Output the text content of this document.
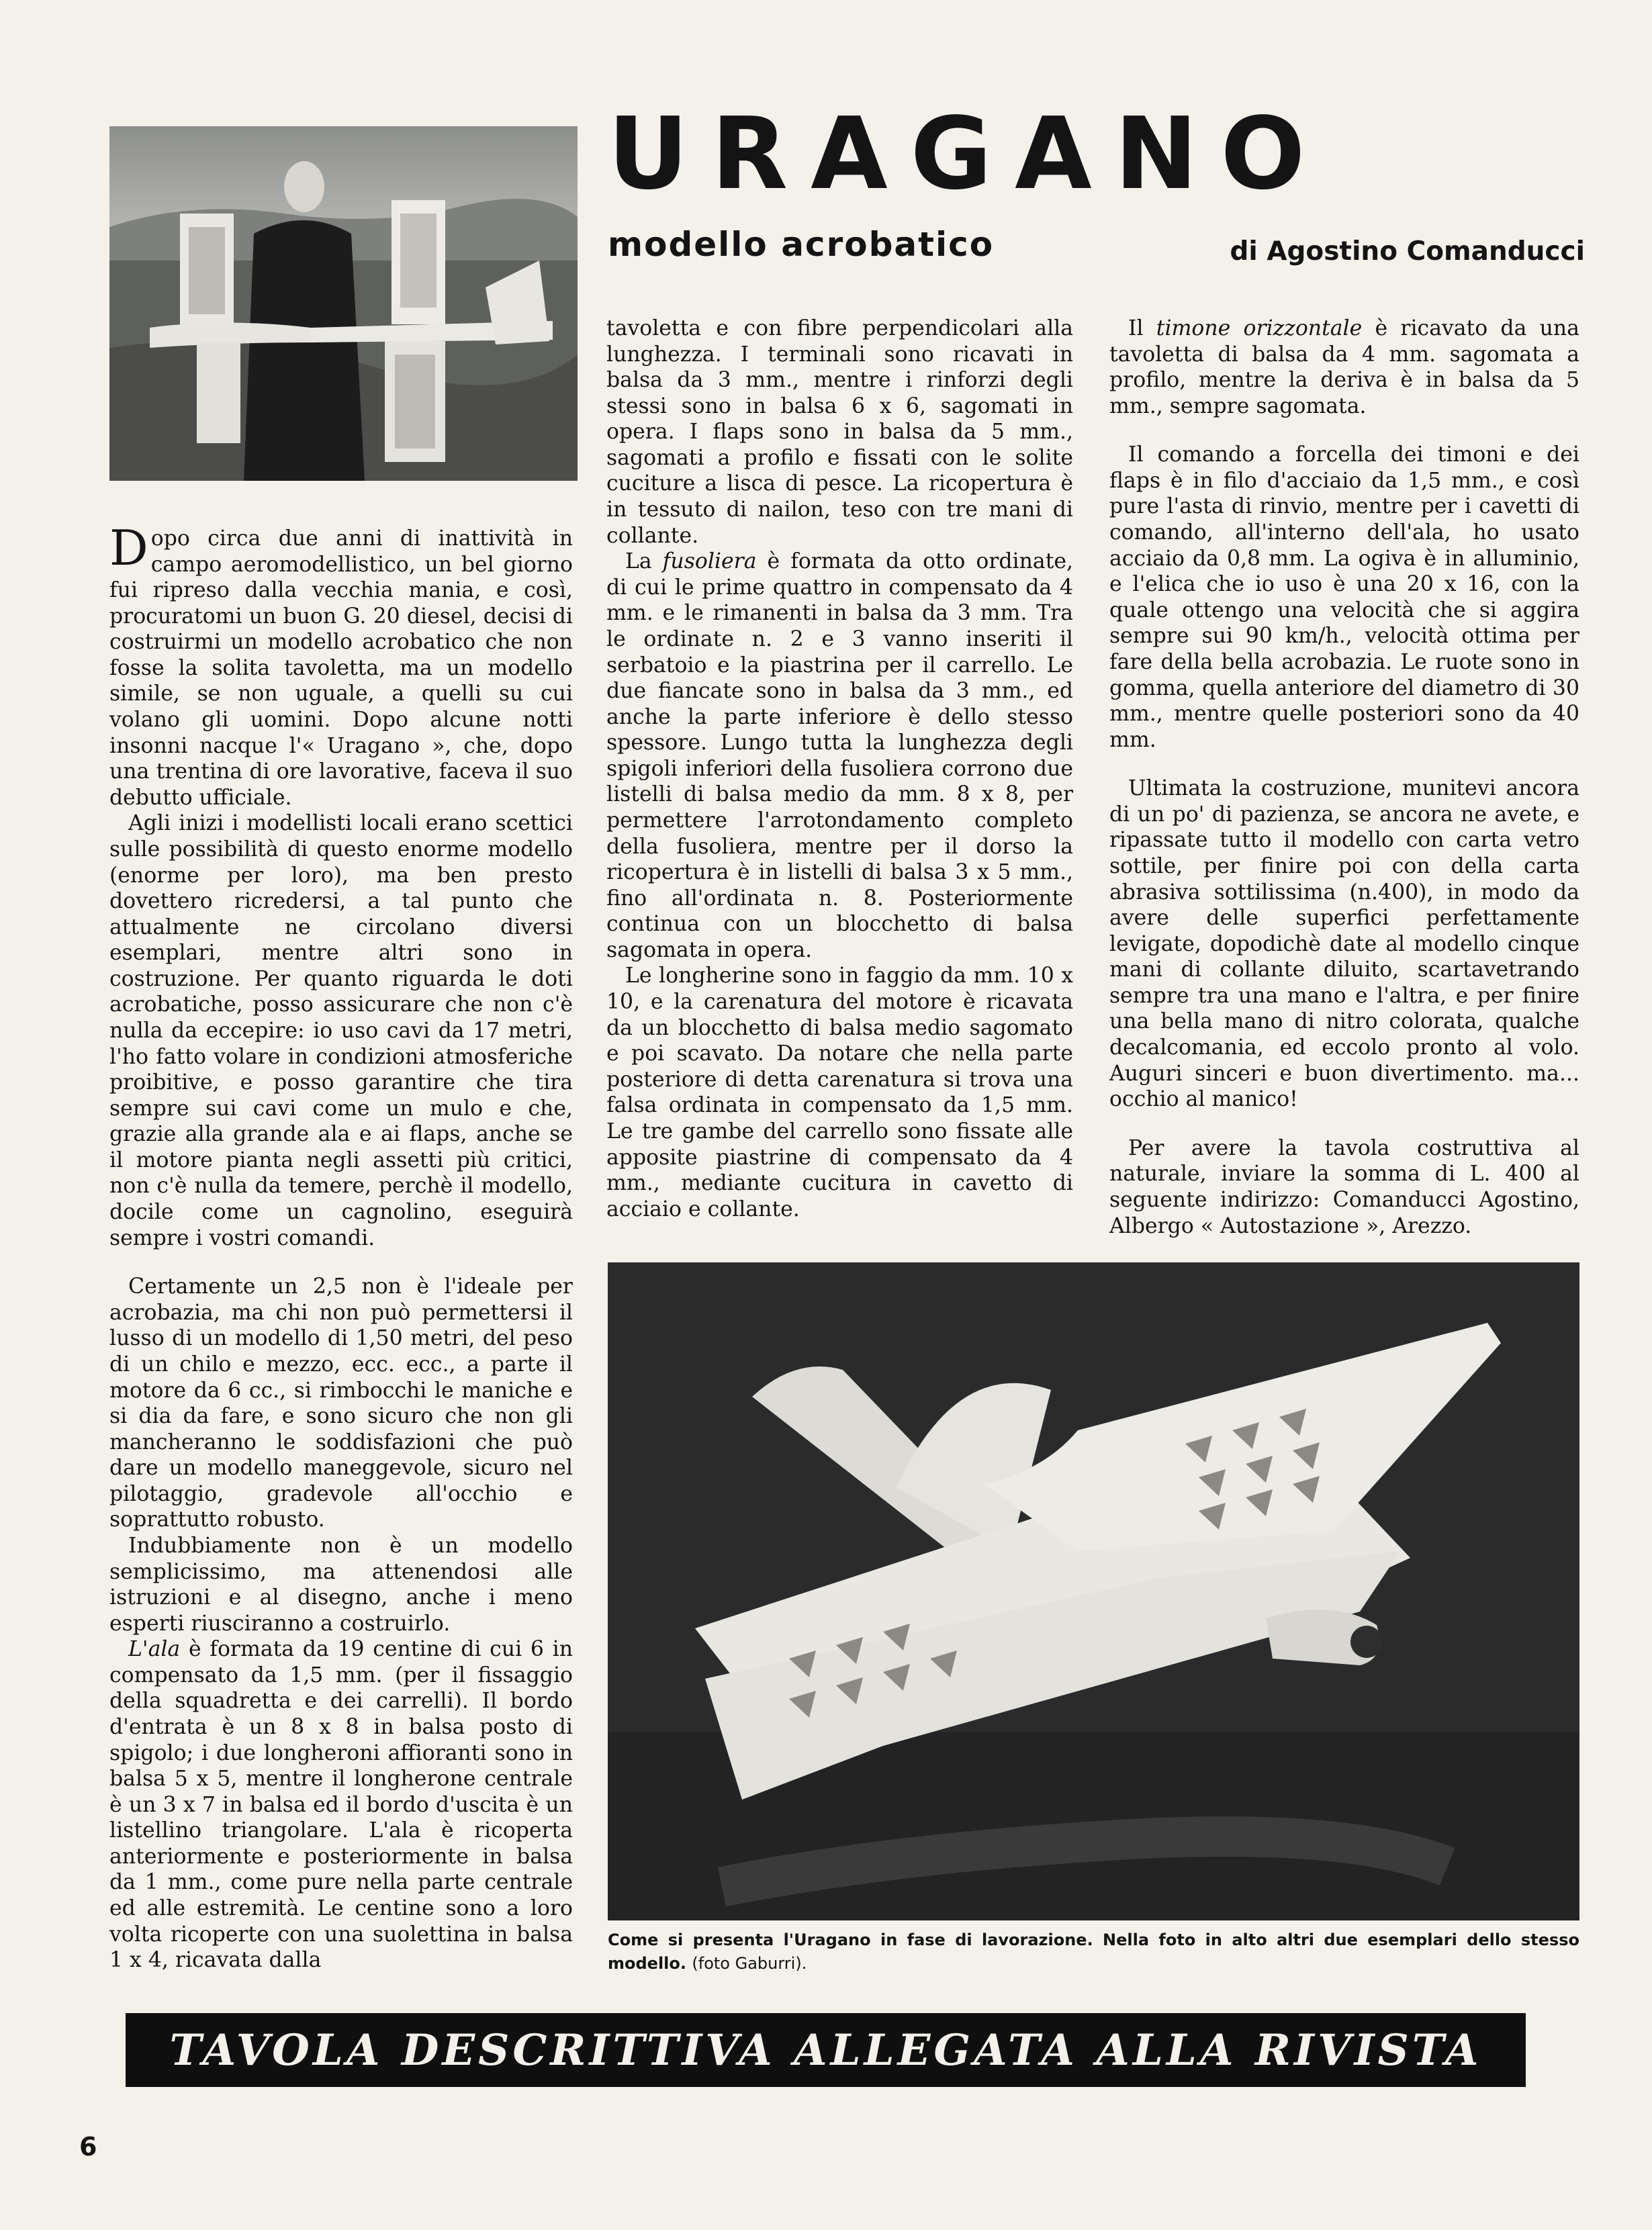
URAGANO
modello acrobatico	di Agostino Comanducci

Dopo circa due anni di inattività in campo aeromodellistico, un bel giorno fui ripreso dalla vecchia mania, e così, procuratomi un buon G. 20 diesel, decisi di costruirmi un modello acrobatico che non fosse la solita tavoletta, ma un modello simile, se non uguale, a quelli su cui volano gli uomini. Dopo alcune notti insonni nacque l'« Uragano », che, dopo una trentina di ore lavorative, faceva il suo debutto ufficiale.

Agli inizi i modellisti locali erano scettici sulle possibilità di questo enorme modello (enorme per loro), ma ben presto dovettero ricredersi, a tal punto che attualmente ne circolano diversi esemplari, mentre altri sono in costruzione. Per quanto riguarda le doti acrobatiche, posso assicurare che non c'è nulla da eccepire: io uso cavi da 17 metri, l'ho fatto volare in condizioni atmosferiche proibitive, e posso garantire che tira sempre sui cavi come un mulo e che, grazie alla grande ala e ai flaps, anche se il motore pianta negli assetti più critici, non c'è nulla da temere, perchè il modello, docile come un cagnolino, eseguirà sempre i vostri comandi.

Certamente un 2,5 non è l'ideale per acrobazia, ma chi non può permettersi il lusso di un modello di 1,50 metri, del peso di un chilo e mezzo, ecc. ecc., a parte il motore da 6 cc., si rimbocchi le maniche e si dia da fare, e sono sicuro che non gli mancheranno le soddisfazioni che può dare un modello maneggevole, sicuro nel pilotaggio, gradevole all'occhio e soprattutto robusto.

Indubbiamente non è un modello semplicissimo, ma attenendosi alle istruzioni e al disegno, anche i meno esperti riusciranno a costruirlo.

L'ala è formata da 19 centine di cui 6 in compensato da 1,5 mm. (per il fissaggio della squadretta e dei carrelli). Il bordo d'entrata è un 8 x 8 in balsa posto di spigolo; i due longheroni affioranti sono in balsa 5 x 5, mentre il longherone centrale è un 3 x 7 in balsa ed il bordo d'uscita è un listellino triangolare. L'ala è ricoperta anteriormente e posteriormente in balsa da 1 mm., come pure nella parte centrale ed alle estremità. Le centine sono a loro volta ricoperte con una suolettina in balsa 1 x 4, ricavata dalla

tavoletta e con fibre perpendicolari alla lunghezza. I terminali sono ricavati in balsa da 3 mm., mentre i rinforzi degli stessi sono in balsa 6 x 6, sagomati in opera. I flaps sono in balsa da 5 mm., sagomati a profilo e fissati con le solite cuciture a lisca di pesce. La ricopertura è in tessuto di nailon, teso con tre mani di collante.

La fusoliera è formata da otto ordinate, di cui le prime quattro in compensato da 4 mm. e le rimanenti in balsa da 3 mm. Tra le ordinate n. 2 e 3 vanno inseriti il serbatoio e la piastrina per il carrello. Le due fiancate sono in balsa da 3 mm., ed anche la parte inferiore è dello stesso spessore. Lungo tutta la lunghezza degli spigoli inferiori della fusoliera corrono due listelli di balsa medio da mm. 8 x 8, per permettere l'arrotondamento completo della fusoliera, mentre per il dorso la ricopertura è in listelli di balsa 3 x 5 mm., fino all'ordinata n. 8. Posteriormente continua con un blocchetto di balsa sagomata in opera.

Le longherine sono in faggio da mm. 10 x 10, e la carenatura del motore è ricavata da un blocchetto di balsa medio sagomato e poi scavato. Da notare che nella parte posteriore di detta carenatura si trova una falsa ordinata in compensato da 1,5 mm. Le tre gambe del carrello sono fissate alle apposite piastrine di compensato da 4 mm., mediante cucitura in cavetto di acciaio e collante.

Il timone orizzontale è ricavato da una tavoletta di balsa da 4 mm. sagomata a profilo, mentre la deriva è in balsa da 5 mm., sempre sagomata.

Il comando a forcella dei timoni e dei flaps è in filo d'acciaio da 1,5 mm., e così pure l'asta di rinvio, mentre per i cavetti di comando, all'interno dell'ala, ho usato acciaio da 0,8 mm. La ogiva è in alluminio, e l'elica che io uso è una 20 x 16, con la quale ottengo una velocità che si aggira sempre sui 90 km/h., velocità ottima per fare della bella acrobazia. Le ruote sono in gomma, quella anteriore del diametro di 30 mm., mentre quelle posteriori sono da 40 mm.

Ultimata la costruzione, munitevi ancora di un po' di pazienza, se ancora ne avete, e ripassate tutto il modello con carta vetro sottile, per finire poi con della carta abrasiva sottilissima (n.400), in modo da avere delle superfici perfettamente levigate, dopodichè date al modello cinque mani di collante diluito, scartavetrando sempre tra una mano e l'altra, e per finire una bella mano di nitro colorata, qualche decalcomania, ed eccolo pronto al volo. Auguri sinceri e buon divertimento. ma... occhio al manico!

Per avere la tavola costruttiva al naturale, inviare la somma di L. 400 al seguente indirizzo: Comanducci Agostino, Albergo « Autostazione », Arezzo.

Come si presenta l'Uragano in fase di lavorazione. Nella foto in alto altri due esemplari dello stesso modello. (foto Gaburri).
TAVOLA DESCRITTIVA ALLEGATA ALLA RIVISTA
6
